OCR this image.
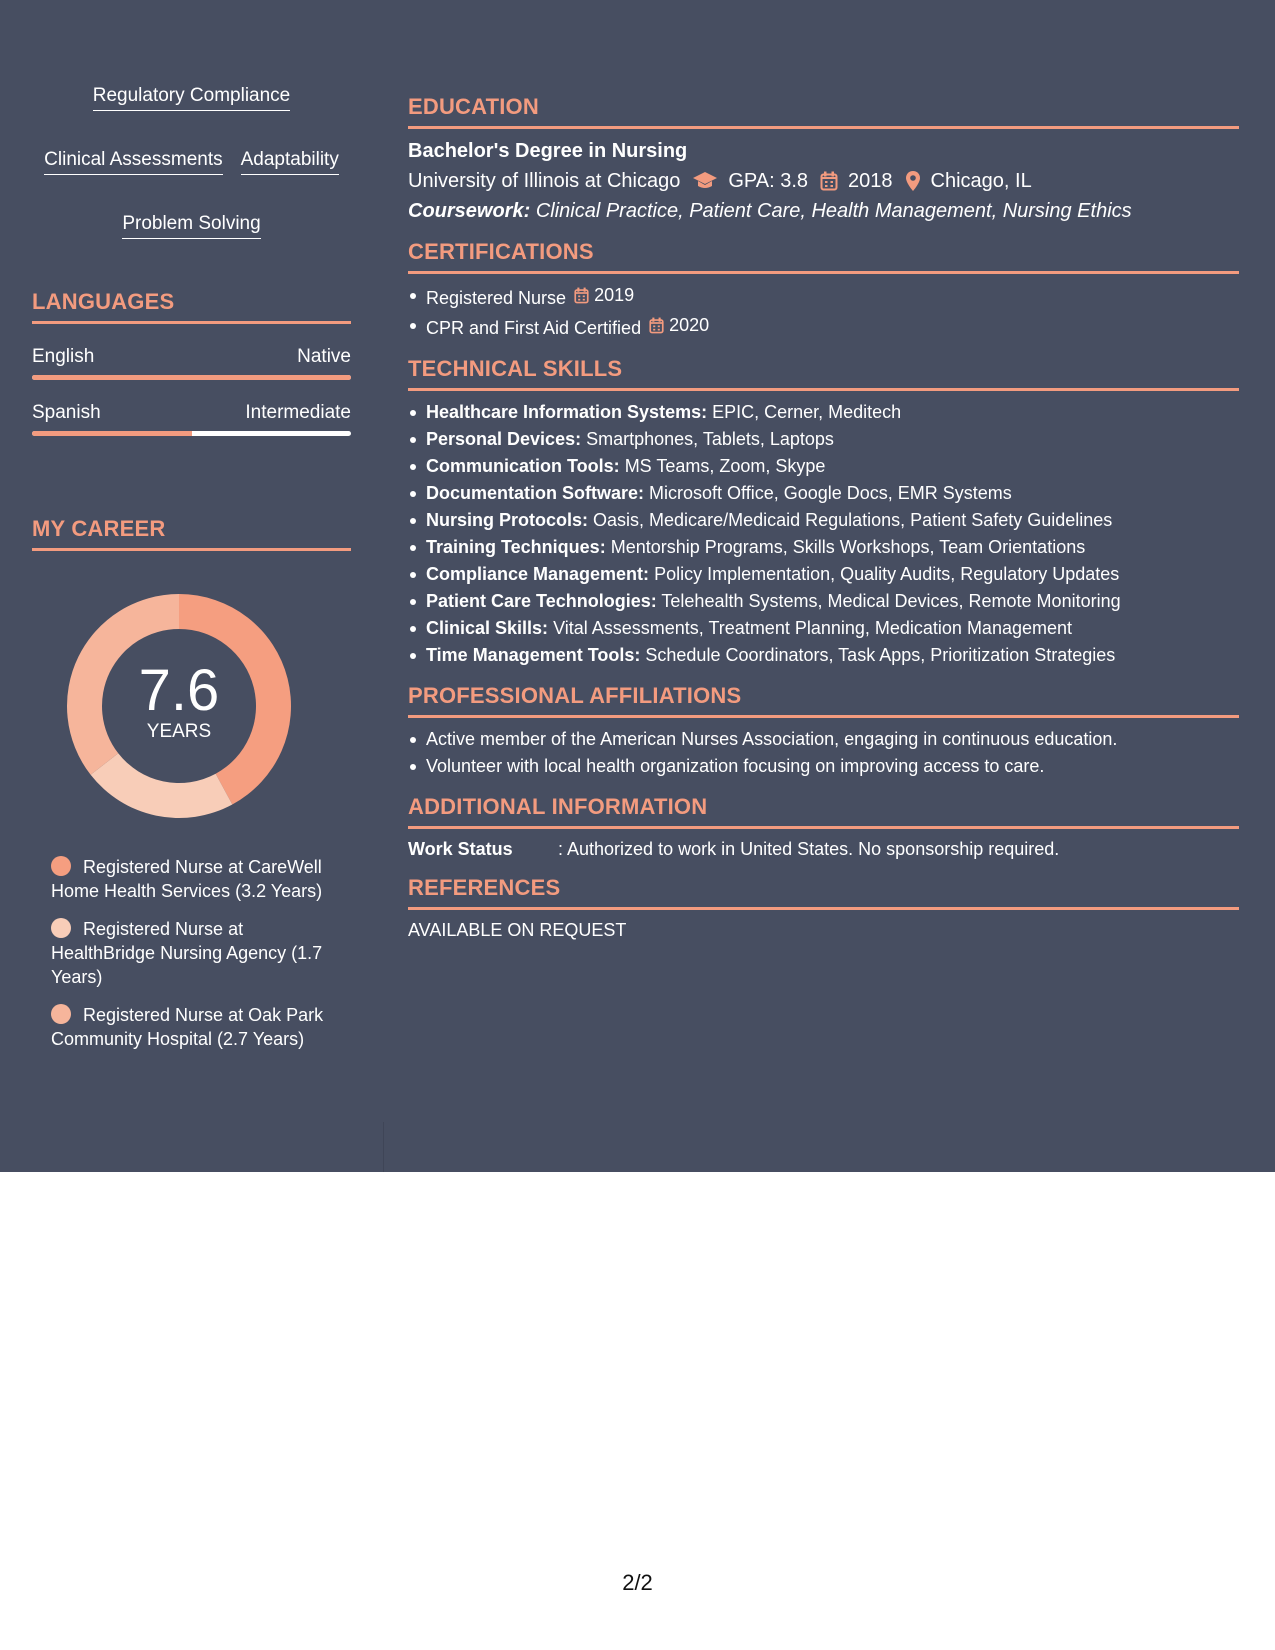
Regulatory Compliance
Clinical Assessments Adaptability
Problem Solving
LANGUAGES
English	Native
Spanish	Intermediate
MY CAREER
7.6
YEARS
Registered Nurse at CareWell Home Health Services (3.2 Years)
Registered Nurse at HealthBridge Nursing Agency (1.7 Years)
Registered Nurse at Oak Park Community Hospital (2.7 Years)
EDUCATION
Bachelor's Degree in Nursing
University of Illinois at Chicago GPA: 3.8 2018 Chicago, IL
Coursework: Clinical Practice, Patient Care, Health Management, Nursing Ethics
CERTIFICATIONS
Registered Nurse 2019
CPR and First Aid Certified 2020
TECHNICAL SKILLS
Healthcare Information Systems: EPIC, Cerner, Meditech
Personal Devices: Smartphones, Tablets, Laptops
Communication Tools: MS Teams, Zoom, Skype
Documentation Software: Microsoft Office, Google Docs, EMR Systems
Nursing Protocols: Oasis, Medicare/Medicaid Regulations, Patient Safety Guidelines
Training Techniques: Mentorship Programs, Skills Workshops, Team Orientations
Compliance Management: Policy Implementation, Quality Audits, Regulatory Updates
Patient Care Technologies: Telehealth Systems, Medical Devices, Remote Monitoring
Clinical Skills: Vital Assessments, Treatment Planning, Medication Management
Time Management Tools: Schedule Coordinators, Task Apps, Prioritization Strategies
PROFESSIONAL AFFILIATIONS
Active member of the American Nurses Association, engaging in continuous education.
Volunteer with local health organization focusing on improving access to care.
ADDITIONAL INFORMATION
Work Status	: Authorized to work in United States. No sponsorship required.
REFERENCES
AVAILABLE ON REQUEST
2/2
